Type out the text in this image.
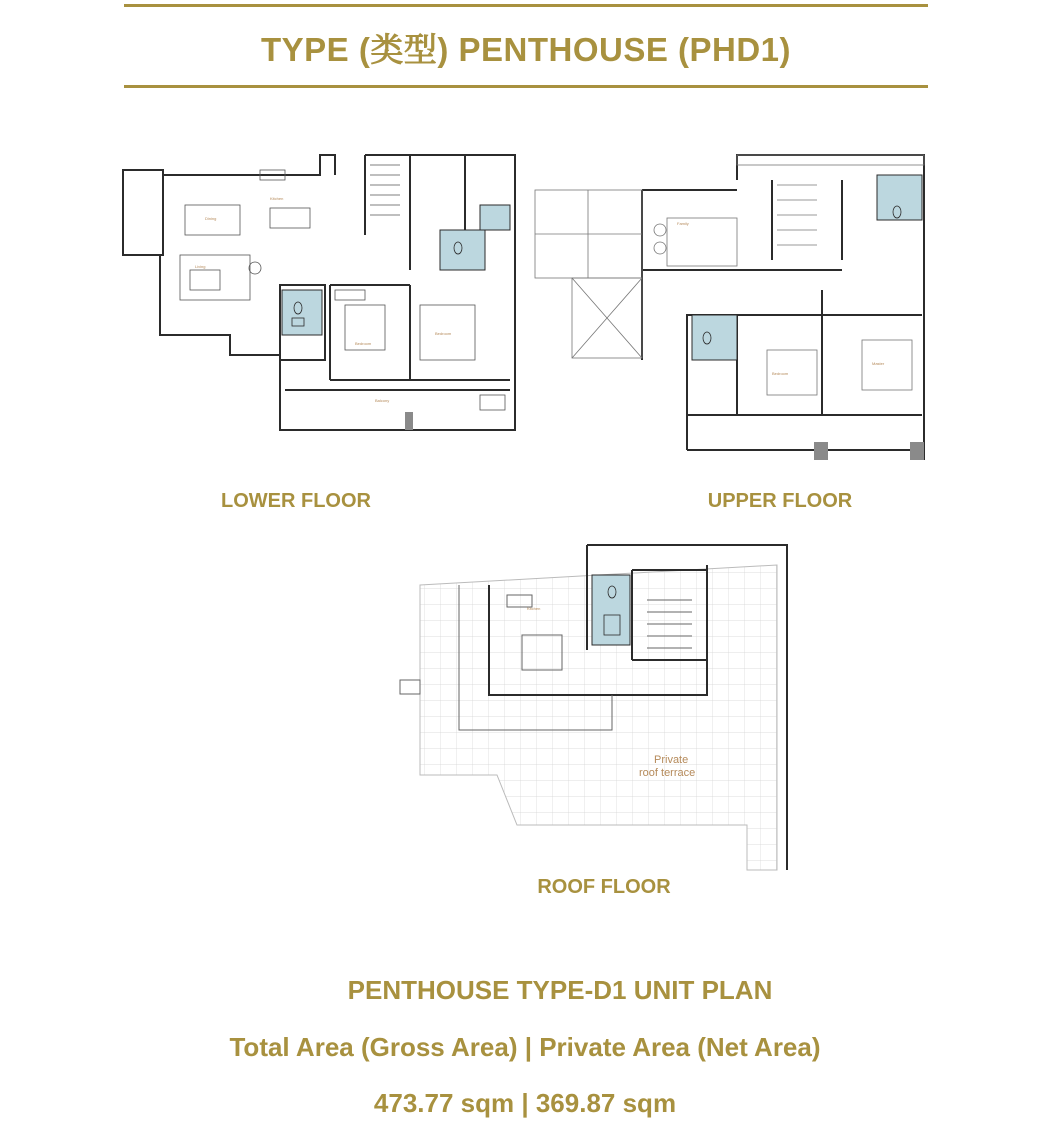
TYPE (类型) PENTHOUSE (PHD1)
Dining
Kitchen
Living
Bedroom
Bedroom
Balcony
LOWER FLOOR
Family
Bedroom
Master
UPPER FLOOR
Kitchen
Private
roof terrace
ROOF FLOOR
PENTHOUSE TYPE-D1 UNIT PLAN
Total Area (Gross Area) | Private Area (Net Area)
473.77 sqm | 369.87 sqm
